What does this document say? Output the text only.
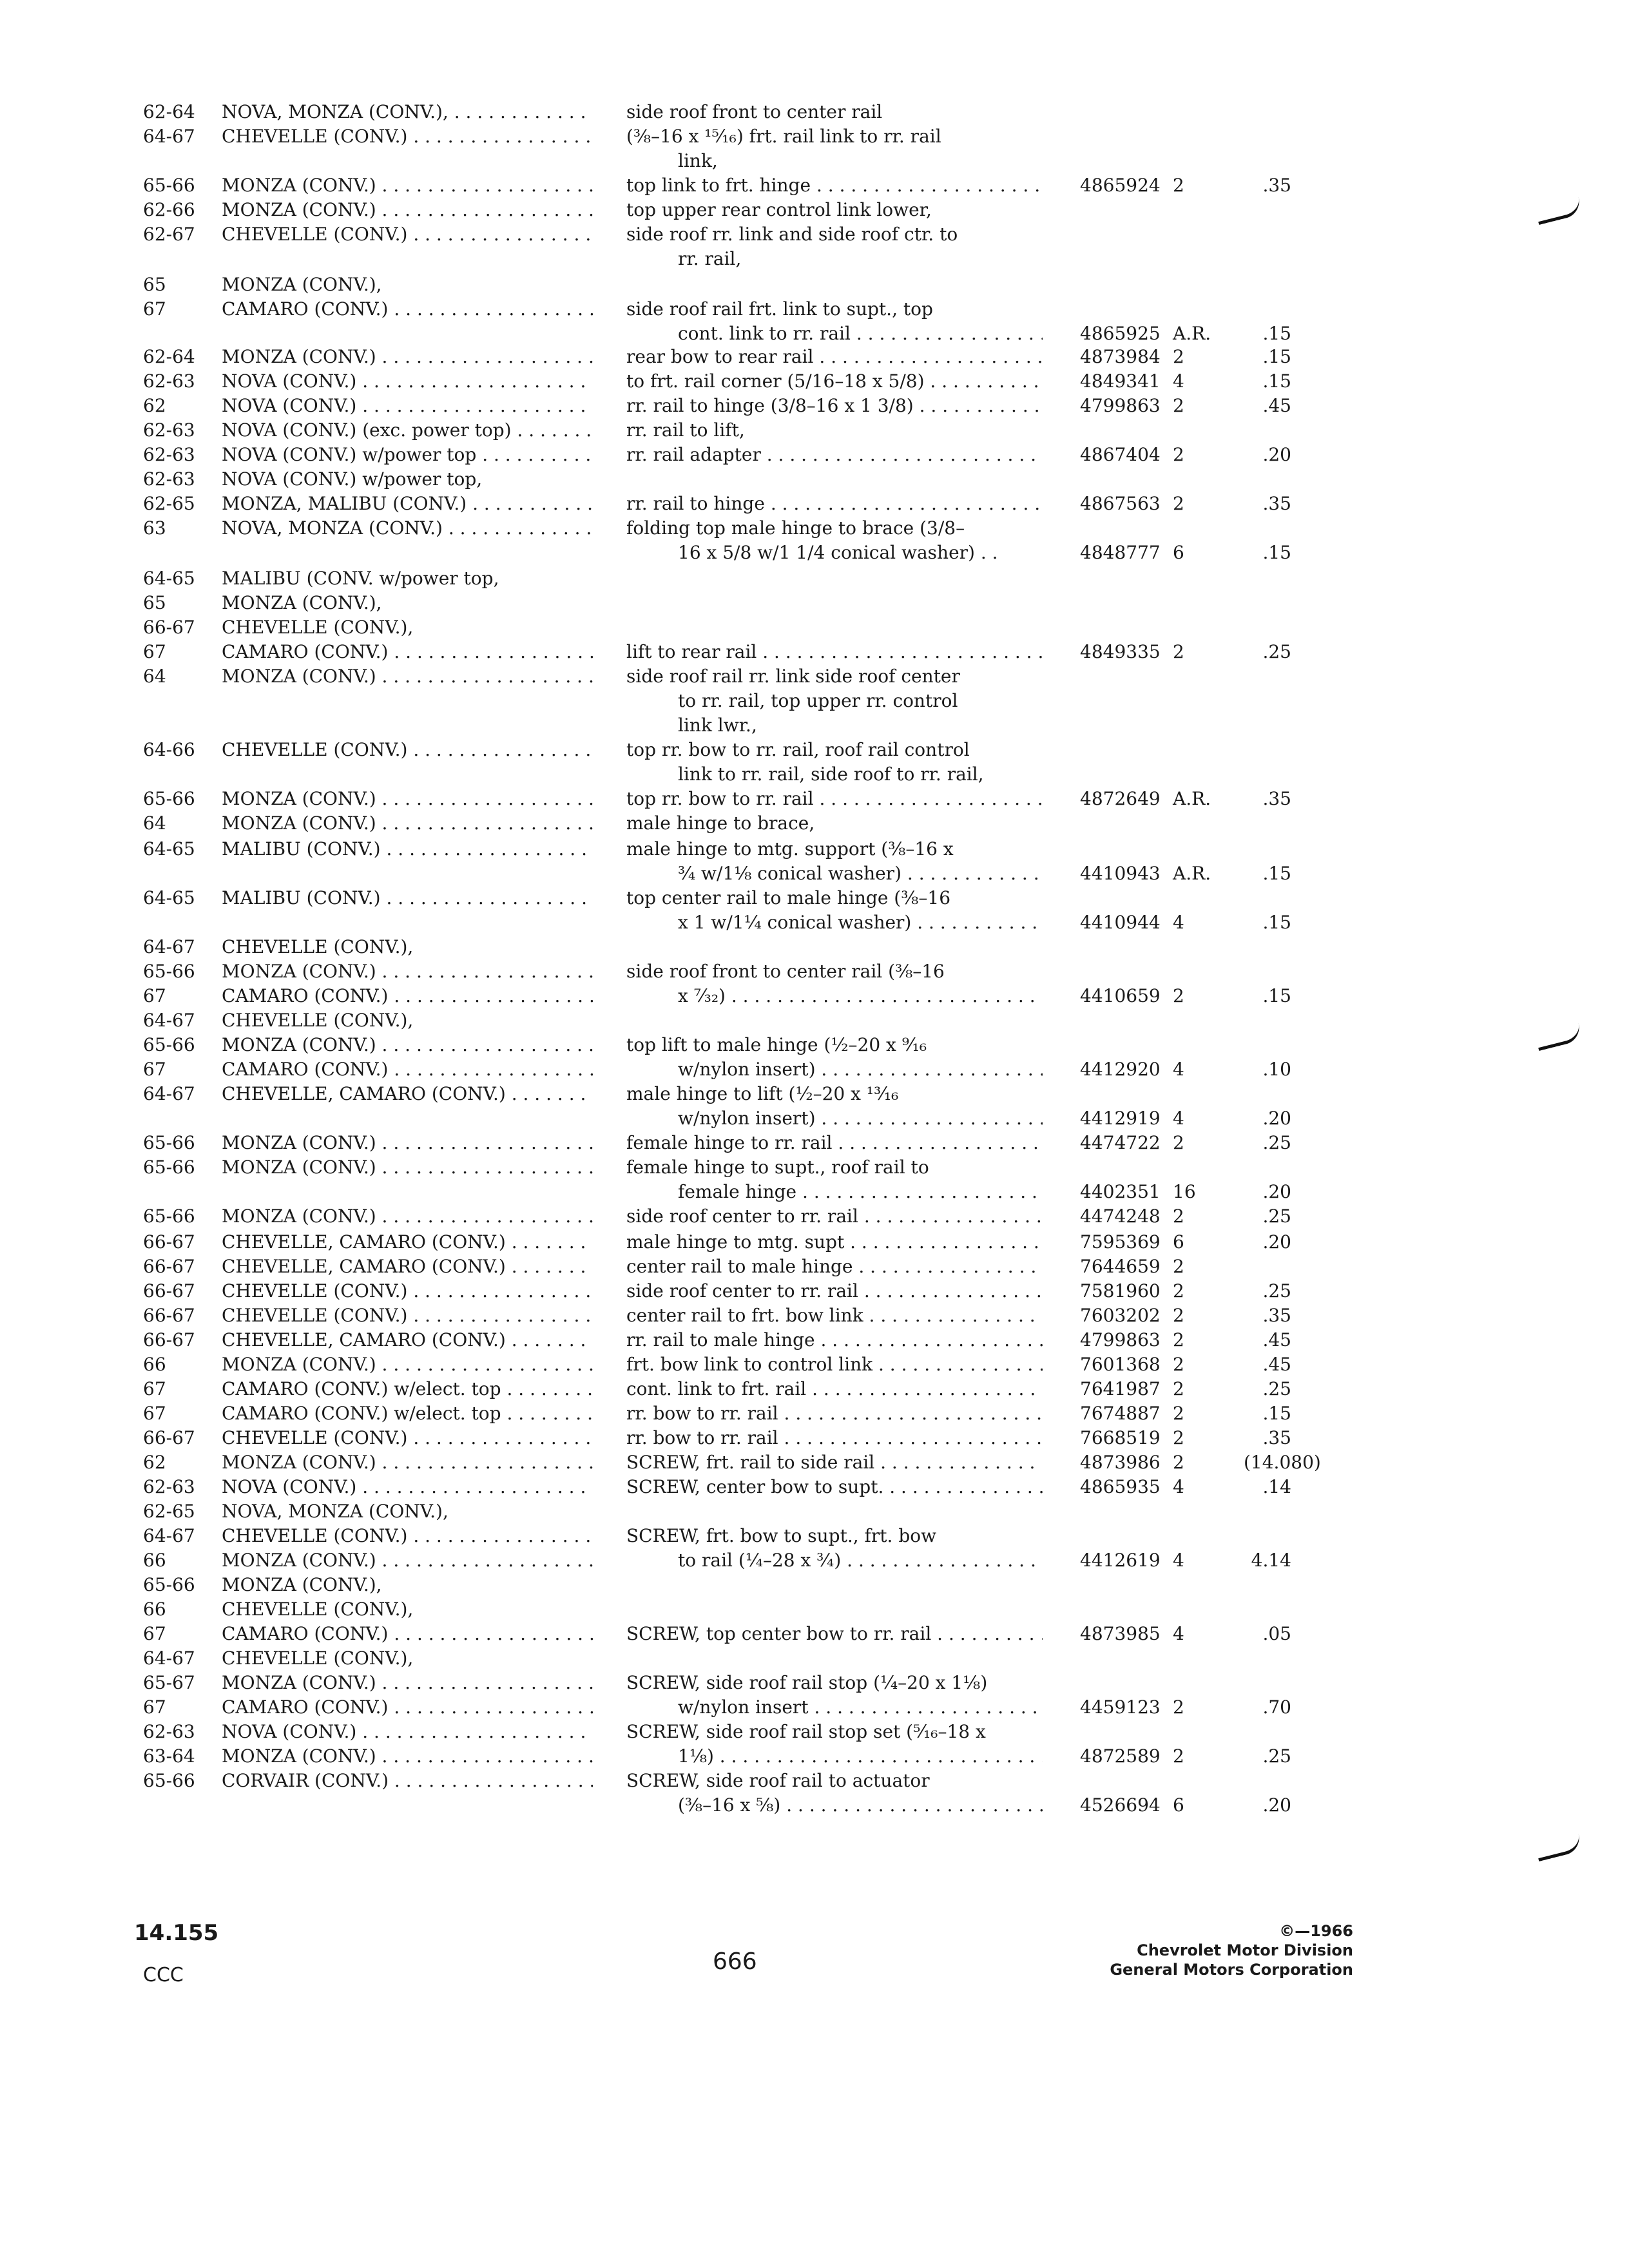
62-64 NOVA, MONZA (CONV.), . . .	side roof front to center rail
64-67 CHEVELLE (CONV.) . . .	(⅜–16 x ¹⁵⁄₁₆) frt. rail link to rr. rail
link,
65-66 MONZA (CONV.) . . .	top link to frt. hinge . . .	4865924 2	.35
62-66 MONZA (CONV.) . . .	top upper rear control link lower,
62-67 CHEVELLE (CONV.) . . .	side roof rr. link and side roof ctr. to
rr. rail,
65	MONZA (CONV.),
67	CAMARO (CONV.) . . .	side roof rail frt. link to supt., top
cont. link to rr. rail . . .	4865925 A.R.	.15
62-64 MONZA (CONV.) . . .	rear bow to rear rail . . .	4873984 2	.15
62-63 NOVA (CONV.) . . .	to frt. rail corner (5/16–18 x 5/8) . . .	4849341 4	.15
62	NOVA (CONV.) . . .	rr. rail to hinge (3/8–16 x 1 3/8) . . .	4799863 2	.45
62-63 NOVA (CONV.) (exc. power top) . . .	rr. rail to lift,
62-63 NOVA (CONV.) w/power top . . .	rr. rail adapter . . .	4867404 2	.20
62-63 NOVA (CONV.) w/power top,
62-65 MONZA, MALIBU (CONV.) . . .	rr. rail to hinge . . .	4867563 2	.35
63	NOVA, MONZA (CONV.) . . .	folding top male hinge to brace (3/8–
16 x 5/8 w/1 1/4 conical washer) . .	4848777 6	.15
64-65 MALIBU (CONV. w/power top,
65	MONZA (CONV.),
66-67 CHEVELLE (CONV.),
67	CAMARO (CONV.) . . .	lift to rear rail . . .	4849335 2	.25
64	MONZA (CONV.) . . .	side roof rail rr. link side roof center
to rr. rail, top upper rr. control
link lwr.,
64-66 CHEVELLE (CONV.) . . .	top rr. bow to rr. rail, roof rail control
link to rr. rail, side roof to rr. rail,
65-66 MONZA (CONV.) . . .	top rr. bow to rr. rail . . .	4872649 A.R.	.35
64	MONZA (CONV.) . . .	male hinge to brace,
64-65 MALIBU (CONV.) . . .	male hinge to mtg. support (⅜–16 x
¾ w/1⅛ conical washer) . . .	4410943 A.R.	.15
64-65 MALIBU (CONV.) . . .	top center rail to male hinge (⅜–16
x 1 w/1¼ conical washer) . . .	4410944 4	.15
64-67 CHEVELLE (CONV.),
65-66 MONZA (CONV.) . . .	side roof front to center rail (⅜–16
67	CAMARO (CONV.) . . .	x ⁷⁄₃₂) . . .	4410659 2	.15
64-67 CHEVELLE (CONV.),
65-66 MONZA (CONV.) . . .	top lift to male hinge (½–20 x ⁹⁄₁₆
67	CAMARO (CONV.) . . .	w/nylon insert) . . .	4412920 4	.10
64-67 CHEVELLE, CAMARO (CONV.) . . .	male hinge to lift (½–20 x ¹³⁄₁₆
w/nylon insert) . . .	4412919 4	.20
65-66 MONZA (CONV.) . . .	female hinge to rr. rail . . .	4474722 2	.25
65-66 MONZA (CONV.) . . .	female hinge to supt., roof rail to
female hinge . . .	4402351 16	.20
65-66 MONZA (CONV.) . . .	side roof center to rr. rail . . .	4474248 2	.25
66-67 CHEVELLE, CAMARO (CONV.) . . .	male hinge to mtg. supt . . .	7595369 6	.20
66-67 CHEVELLE, CAMARO (CONV.) . . .	center rail to male hinge . . .	7644659 2
66-67 CHEVELLE (CONV.) . . .	side roof center to rr. rail . . .	7581960 2	.25
66-67 CHEVELLE (CONV.) . . .	center rail to frt. bow link . . .	7603202 2	.35
66-67 CHEVELLE, CAMARO (CONV.) . . .	rr. rail to male hinge . . .	4799863 2	.45
66	MONZA (CONV.) . . .	frt. bow link to control link . . .	7601368 2	.45
67	CAMARO (CONV.) w/elect. top . . .	cont. link to frt. rail . . .	7641987 2	.25
67	CAMARO (CONV.) w/elect. top . . .	rr. bow to rr. rail . . .	7674887 2	.15
66-67 CHEVELLE (CONV.) . . .	rr. bow to rr. rail . . .	7668519 2	.35
62	MONZA (CONV.) . . .	SCREW, frt. rail to side rail . . .	4873986 2	(14.080)
62-63 NOVA (CONV.) . . .	SCREW, center bow to supt. . . .	4865935 4	.14
62-65 NOVA, MONZA (CONV.),
64-67 CHEVELLE (CONV.) . . .	SCREW, frt. bow to supt., frt. bow
66	MONZA (CONV.) . . .	to rail (¼–28 x ¾) . . .	4412619 4	4.14
65-66 MONZA (CONV.),
66	CHEVELLE (CONV.),
67	CAMARO (CONV.) . . .	SCREW, top center bow to rr. rail . . .	4873985 4	.05
64-67 CHEVELLE (CONV.),
65-67 MONZA (CONV.) . . .	SCREW, side roof rail stop (¼–20 x 1⅛)
67	CAMARO (CONV.) . . .	w/nylon insert . . .	4459123 2	.70
62-63 NOVA (CONV.) . . .	SCREW, side roof rail stop set (⁵⁄₁₆–18 x
63-64 MONZA (CONV.) . . .	1⅛) . . .	4872589 2	.25
65-66 CORVAIR (CONV.) . . .	SCREW, side roof rail to actuator
(⅜–16 x ⅝) . . .	4526694 6	.20
14.155
CCC
666
©—1966
Chevrolet Motor Division
General Motors Corporation
